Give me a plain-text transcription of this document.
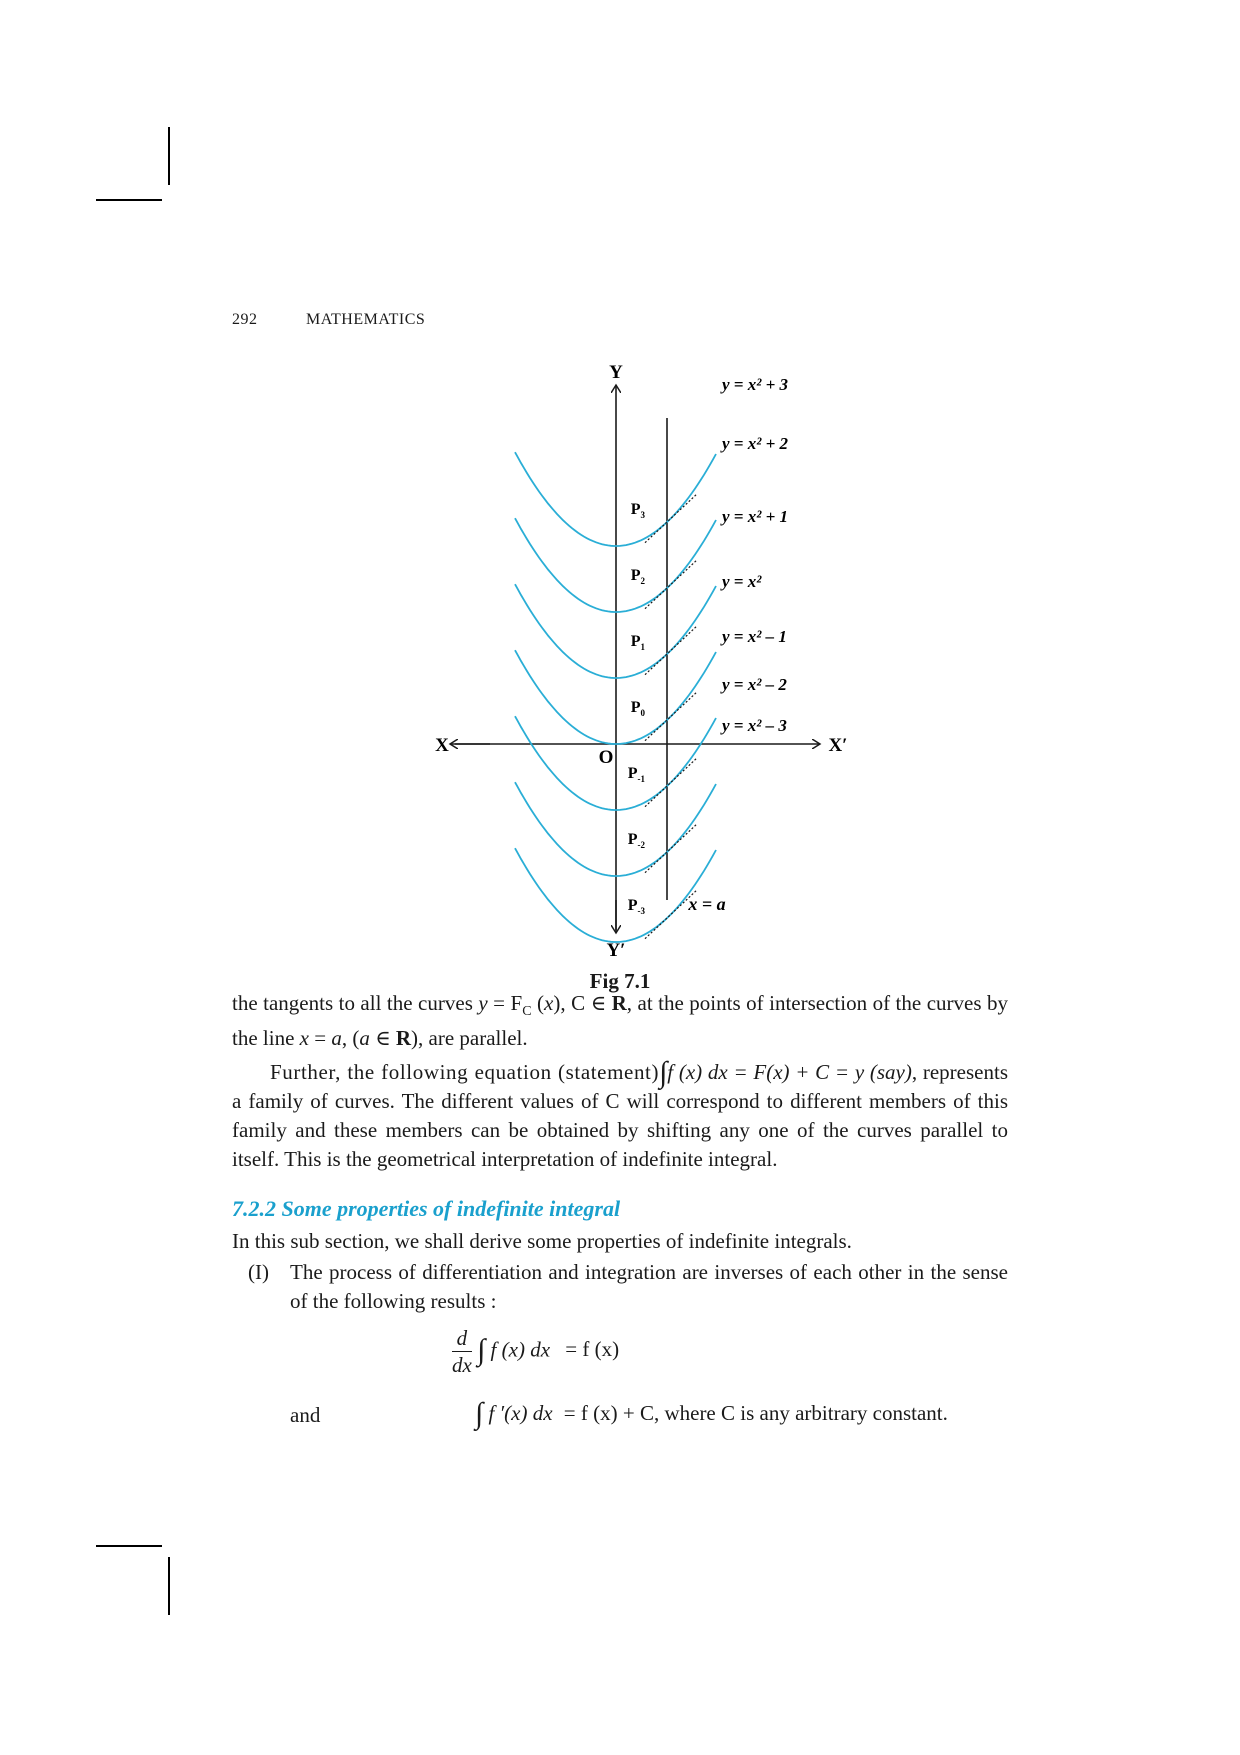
292	MATHEMATICS
y = x² + 3
$P_3$
y = x² + 2
$P_2$
y = x² + 1
$P_1$
y = x²
$P_0$
y = x² – 1
$P_{-1}$
y = x² – 2
$P_{-2}$
y = x² – 3
$P_{-3}$
Y
Y′
X	X′
O
x = a
Fig 7.1
the tangents to all the curves $y = F_C$ (x), C ∈ R, at the points of intersection of the curves by the line x = a, (a ∈ R), are parallel.
Further, the following equation (statement)∫f (x) dx = F(x) + C = y (say), represents a family of curves. The different values of C will correspond to different members of this family and these members can be obtained by shifting any one of the curves parallel to itself. This is the geometrical interpretation of indefinite integral.
7.2.2 Some properties of indefinite integral
In this sub section, we shall derive some properties of indefinite integrals.
(I) The process of differentiation and integration are inverses of each other in the sense of the following results :
$\frac{d}{dx}$ ∫ f (x) dx = f (x)
and	∫ f ′(x) dx = f (x) + C, where C is any arbitrary constant.
